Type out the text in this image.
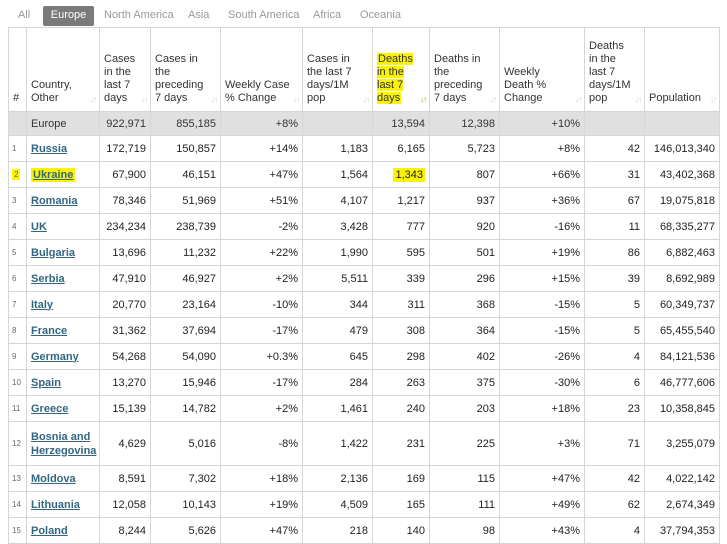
All	Europe	North America Asia South America Africa Oceania
#	Country, Other ↓↑	Cases in the last 7 days ↓↑	Cases in the preceding 7 days ↓↑	Weekly Case % Change ↓↑	Cases in the last 7 days/1M pop ↓↑	Deaths in the last 7 days ↓↑	Deaths in the preceding 7 days ↓↑	Weekly Death % Change ↓↑	Deaths in the last 7 days/1M pop ↓↑	Population ↓↑

	Europe	922,971	855,185	+8%		13,594	12,398	+10%		
1	Russia	172,719	150,857	+14%	1,183	6,165	5,723	+8%	42	146,013,340
2	Ukraine	67,900	46,151	+47%	1,564	1,343	807	+66%	31	43,402,368
3	Romania	78,346	51,969	+51%	4,107	1,217	937	+36%	67	19,075,818
4	UK	234,234	238,739	-2%	3,428	777	920	-16%	11	68,335,277
5	Bulgaria	13,696	11,232	+22%	1,990	595	501	+19%	86	6,882,463
6	Serbia	47,910	46,927	+2%	5,511	339	296	+15%	39	8,692,989
7	Italy	20,770	23,164	-10%	344	311	368	-15%	5	60,349,737
8	France	31,362	37,694	-17%	479	308	364	-15%	5	65,455,540
9	Germany	54,268	54,090	+0.3%	645	298	402	-26%	4	84,121,536
10	Spain	13,270	15,946	-17%	284	263	375	-30%	6	46,777,606
11	Greece	15,139	14,782	+2%	1,461	240	203	+18%	23	10,358,845
12	Bosnia and Herzegovina	4,629	5,016	-8%	1,422	231	225	+3%	71	3,255,079
13	Moldova	8,591	7,302	+18%	2,136	169	115	+47%	42	4,022,142
14	Lithuania	12,058	10,143	+19%	4,509	165	111	+49%	62	2,674,349
15	Poland	8,244	5,626	+47%	218	140	98	+43%	4	37,794,353
